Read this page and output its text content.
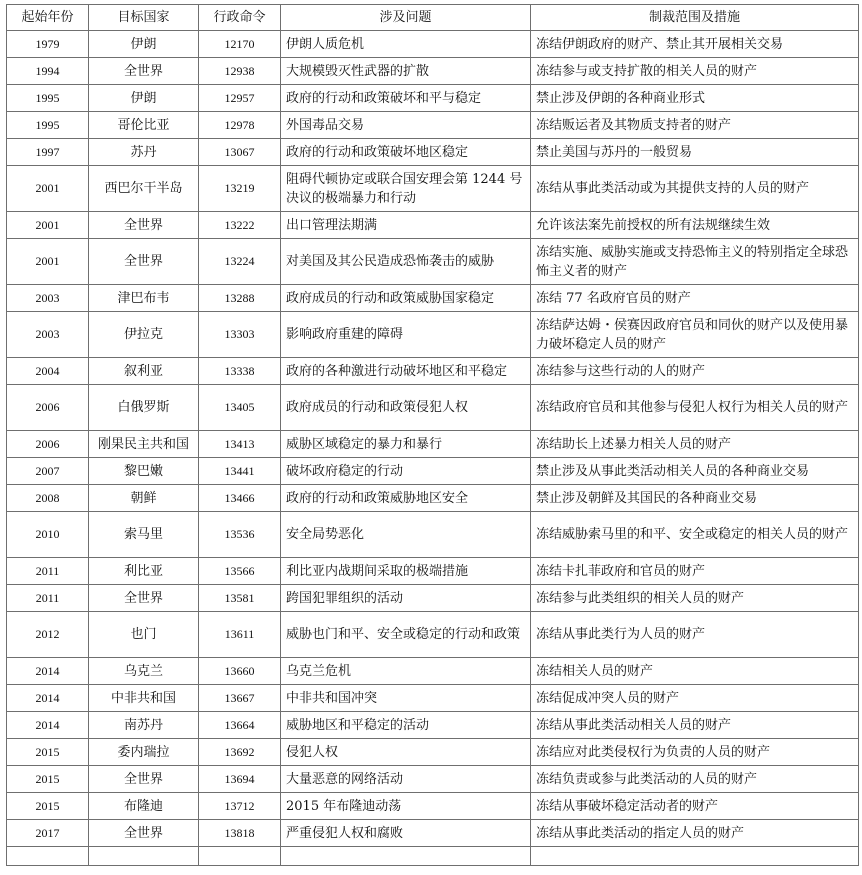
起始年份	目标国家	行政命令	涉及问题	制裁范围及措施
1979	伊朗	12170	伊朗人质危机	冻结伊朗政府的财产、禁止其开展相关交易
1994	全世界	12938	大规模毁灭性武器的扩散	冻结参与或支持扩散的相关人员的财产
1995	伊朗	12957	政府的行动和政策破坏和平与稳定	禁止涉及伊朗的各种商业形式
1995	哥伦比亚	12978	外国毒品交易	冻结贩运者及其物质支持者的财产
1997	苏丹	13067	政府的行动和政策破坏地区稳定	禁止美国与苏丹的一般贸易
2001	西巴尔干半岛	13219	阻碍代顿协定或联合国安理会第 1244 号决议的极端暴力和行动	冻结从事此类活动或为其提供支持的人员的财产
2001	全世界	13222	出口管理法期满	允许该法案先前授权的所有法规继续生效
2001	全世界	13224	对美国及其公民造成恐怖袭击的威胁	冻结实施、威胁实施或支持恐怖主义的特别指定全球恐怖主义者的财产
2003	津巴布韦	13288	政府成员的行动和政策威胁国家稳定	冻结 77 名政府官员的财产
2003	伊拉克	13303	影响政府重建的障碍	冻结萨达姆・侯赛因政府官员和同伙的财产以及使用暴力破坏稳定人员的财产
2004	叙利亚	13338	政府的各种激进行动破坏地区和平稳定	冻结参与这些行动的人的财产
2006	白俄罗斯	13405	政府成员的行动和政策侵犯人权	冻结政府官员和其他参与侵犯人权行为相关人员的财产
2006	刚果民主共和国	13413	威胁区域稳定的暴力和暴行	冻结助长上述暴力相关人员的财产
2007	黎巴嫩	13441	破坏政府稳定的行动	禁止涉及从事此类活动相关人员的各种商业交易
2008	朝鲜	13466	政府的行动和政策威胁地区安全	禁止涉及朝鲜及其国民的各种商业交易
2010	索马里	13536	安全局势恶化	冻结威胁索马里的和平、安全或稳定的相关人员的财产
2011	利比亚	13566	利比亚内战期间采取的极端措施	冻结卡扎菲政府和官员的财产
2011	全世界	13581	跨国犯罪组织的活动	冻结参与此类组织的相关人员的财产
2012	也门	13611	威胁也门和平、安全或稳定的行动和政策	冻结从事此类行为人员的财产
2014	乌克兰	13660	乌克兰危机	冻结相关人员的财产
2014	中非共和国	13667	中非共和国冲突	冻结促成冲突人员的财产
2014	南苏丹	13664	威胁地区和平稳定的活动	冻结从事此类活动相关人员的财产
2015	委内瑞拉	13692	侵犯人权	冻结应对此类侵权行为负责的人员的财产
2015	全世界	13694	大量恶意的网络活动	冻结负责或参与此类活动的人员的财产
2015	布隆迪	13712	2015 年布隆迪动荡	冻结从事破坏稳定活动者的财产
2017	全世界	13818	严重侵犯人权和腐败	冻结从事此类活动的指定人员的财产
